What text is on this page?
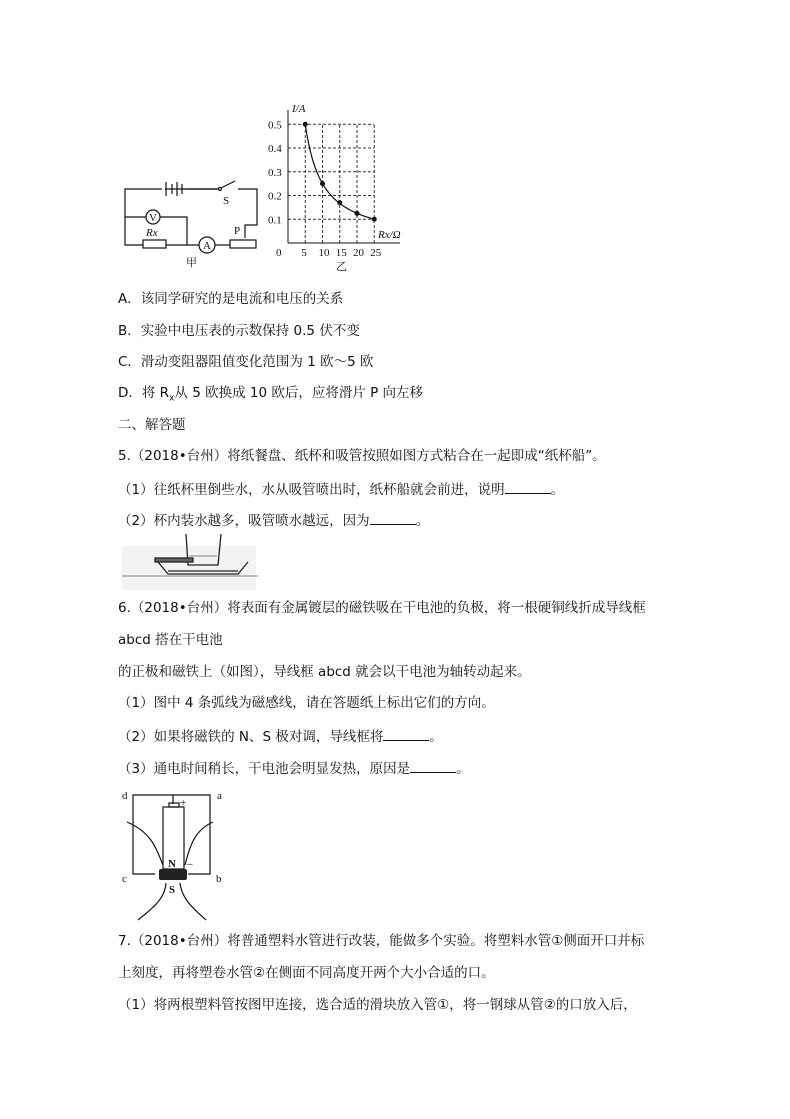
V
A
Rx
S
P
甲
5 10 15 20 25
0.1
0.2
0.3
0.4
0.5
I/A
Rx/Ω
0
乙
A．该同学研究的是电流和电压的关系
B．实验中电压表的示数保持 0.5 伏不变
C．滑动变阻器阻值变化范围为 1 欧～5 欧
D．将 $R_x$从 5 欧换成 10 欧后，应将滑片 P 向左移
二、解答题
5.（2018•台州）将纸餐盘、纸杯和吸管按照如图方式粘合在一起即成“纸杯船”。
（1）往纸杯里倒些水，水从吸管喷出时，纸杯船就会前进，说明	。
（2）杯内装水越多，吸管喷水越远，因为	。
6.（2018•台州）将表面有金属镀层的磁铁吸在干电池的负极，将一根硬铜线折成导线框
abcd 搭在干电池
的正极和磁铁上（如图），导线框 abcd 就会以干电池为轴转动起来。
（1）图中 4 条弧线为磁感线，请在答题纸上标出它们的方向。
（2）如果将磁铁的 N、S 极对调，导线框将	。
（3）通电时间稍长，干电池会明显发热，原因是	。
d	a
c	b
N
S
+
–
7.（2018•台州）将普通塑料水管进行改装，能做多个实验。将塑料水管①侧面开口并标
上刻度，再将塑卷水管②在侧面不同高度开两个大小合适的口。
（1）将两根塑料管按图甲连接，选合适的滑块放入管①，将一钢球从管②的口放入后，
